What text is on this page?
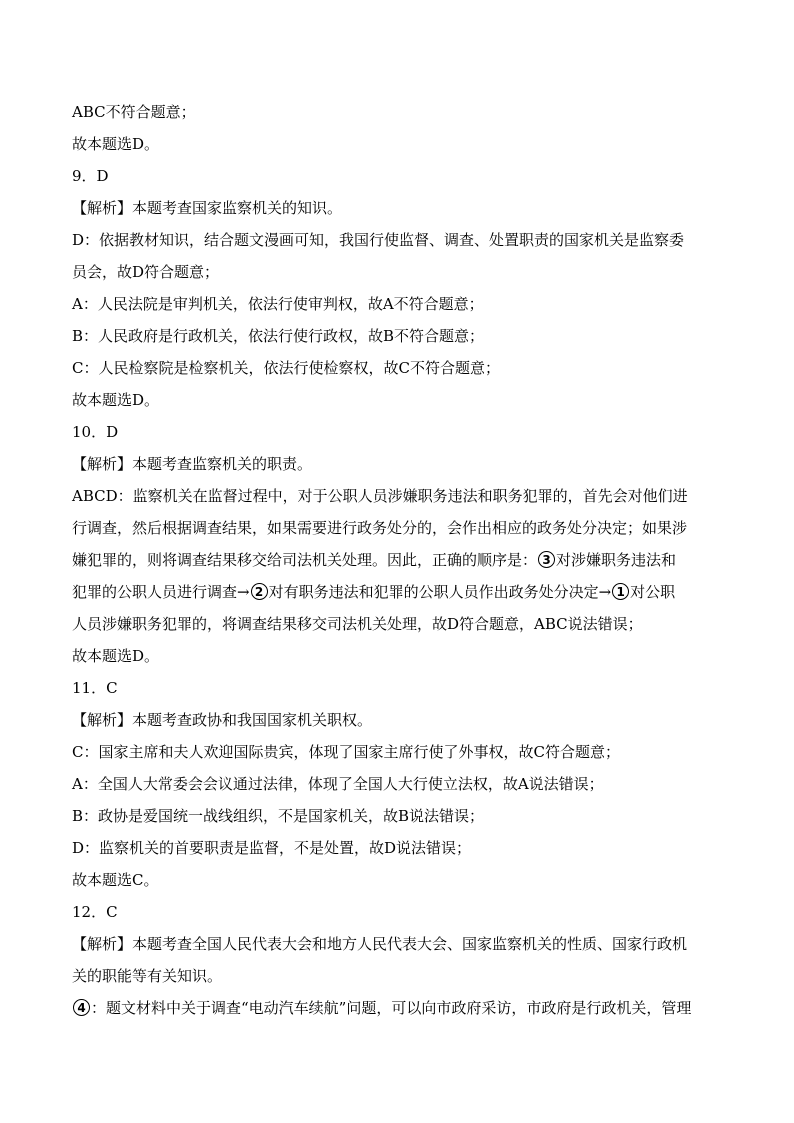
ABC不符合题意；
故本题选D。
9．D
【解析】本题考查国家监察机关的知识。
D：依据教材知识，结合题文漫画可知，我国行使监督、调查、处置职责的国家机关是监察委
员会，故D符合题意；
A：人民法院是审判机关，依法行使审判权，故A不符合题意；
B：人民政府是行政机关，依法行使行政权，故B不符合题意；
C：人民检察院是检察机关，依法行使检察权，故C不符合题意；
故本题选D。
10．D
【解析】本题考查监察机关的职责。
ABCD：监察机关在监督过程中，对于公职人员涉嫌职务违法和职务犯罪的，首先会对他们进
行调查，然后根据调查结果，如果需要进行政务处分的，会作出相应的政务处分决定；如果涉
嫌犯罪的，则将调查结果移交给司法机关处理。因此，正确的顺序是： 3 对涉嫌职务违法和
犯罪的公职人员进行调查→ 2 对有职务违法和犯罪的公职人员作出政务处分决定→ 1 对公职
人员涉嫌职务犯罪的，将调查结果移交司法机关处理，故D符合题意，ABC说法错误；
故本题选D。
11．C
【解析】本题考查政协和我国国家机关职权。
C：国家主席和夫人欢迎国际贵宾，体现了国家主席行使了外事权，故C符合题意；
A：全国人大常委会会议通过法律，体现了全国人大行使立法权，故A说法错误；
B：政协是爱国统一战线组织，不是国家机关，故B说法错误；
D：监察机关的首要职责是监督，不是处置，故D说法错误；
故本题选C。
12．C
【解析】本题考查全国人民代表大会和地方人民代表大会、国家监察机关的性质、国家行政机
关的职能等有关知识。
4 ：题文材料中关于调查“电动汽车续航”问题，可以向市政府采访，市政府是行政机关，管理
